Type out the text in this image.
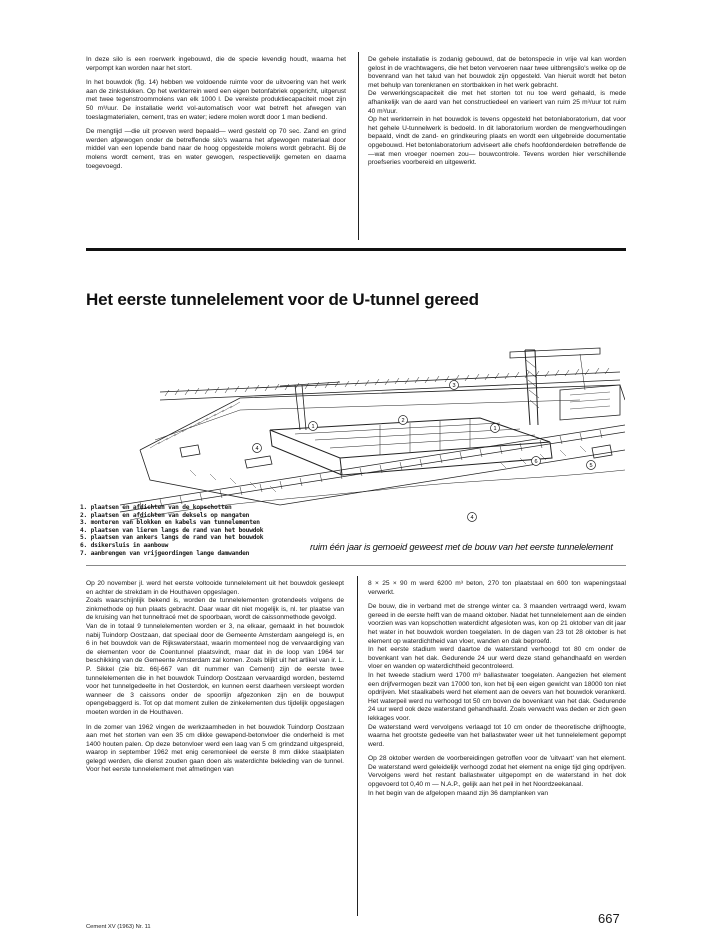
In deze silo is een roerwerk ingebouwd, die de specie levendig houdt, waarna het verpompt kan worden naar het stort.

In het bouwdok (fig. 14) hebben we voldoende ruimte voor de uitvoering van het werk aan de zinkstukken. Op het werkterrein werd een eigen betonfabriek opgericht, uitgerust met twee tegenstroommolens van elk 1000 l. De vereiste produktiecapaciteit moet zijn 50 m³/uur. De installatie werkt vol-automatisch voor wat betreft het afwegen van toeslagmaterialen, cement, tras en water; iedere molen wordt door 1 man bediend.

De mengtijd —die uit proeven werd bepaald— werd gesteld op 70 sec. Zand en grind werden afgewogen onder de betreffende silo's waarna het afgewogen materiaal door middel van een lopende band naar de hoog opgestelde molens wordt gebracht. Bij de molens wordt cement, tras en water gewogen, respectievelijk gemeten en daarna toegevoegd.

De gehele installatie is zodanig gebouwd, dat de betonspecie in vrije val kan worden gelost in de vrachtwagens, die het beton vervoeren naar twee uitbrengsilo's welke op de bovenrand van het talud van het bouwdok zijn opgesteld. Van hieruit wordt het beton met behulp van torenkranen en stortbakken in het werk gebracht.

De verwerkingscapaciteit die met het storten tot nu toe werd gehaald, is mede afhankelijk van de aard van het constructiedeel en varieert van ruim 25 m³/uur tot ruim 40 m³/uur.

Op het werkterrein in het bouwdok is tevens opgesteld het betonlaboratorium, dat voor het gehele U-tunnelwerk is bedoeld. In dit laboratorium worden de mengverhoudingen bepaald, vindt de zand- en grindkeuring plaats en wordt een uitgebreide documentatie opgebouwd. Het betonlaboratorium adviseert alle chefs hoofdonderdelen betreffende de —wat men vroeger noemen zou— bouwcontrole. Tevens worden hier verschillende proefseries voorbereid en uitgewerkt.

Het eerste tunnelelement voor de U-tunnel gereed
3
2
1	1
4
5
6
4
1. plaatsen en afdichten van de kopschotten
2. plaatsen en afdichten van deksels op mangaten
3. monteren van blokken en kabels van tunnelementen
4. plaatsen van lieren langs de rand van het bouwdok
5. plaatsen van ankers langs de rand van het bouwdok
6. dsikersluis in aanbouw
7. aanbrengen van vrijgeordingen lange damwanden
ruim één jaar is gemoeid geweest met de bouw van het eerste tunnelelement

Op 20 november jl. werd het eerste voltooide tunnelelement uit het bouwdok gesleept en achter de strekdam in de Houthaven opgeslagen.

Zoals waarschijnlijk bekend is, worden de tunnelelementen grotendeels volgens de zinkmethode op hun plaats gebracht. Daar waar dit niet mogelijk is, nl. ter plaatse van de kruising van het tunneltracé met de spoorbaan, wordt de caissonmethode gevolgd.

Van de in totaal 9 tunnelelementen worden er 3, na elkaar, gemaakt in het bouwdok nabij Tuindorp Oostzaan, dat speciaal door de Gemeente Amsterdam aangelegd is, en 6 in het bouwdok van de Rijkswaterstaat, waarin momenteel nog de vervaardiging van de elementen voor de Coentunnel plaatsvindt, maar dat in de loop van 1964 ter beschikking van de Gemeente Amsterdam zal komen. Zoals blijkt uit het artikel van ir. L. P. Sikkel (zie blz. 66|-667 van dit nummer van Cement) zijn de eerste twee tunnelelementen die in het bouwdok Tuindorp Oostzaan vervaardigd worden, bestemd voor het tunnelgedeelte in het Oosterdok, en kunnen eerst daarheen versleept worden wanneer de 3 caissons onder de spoorlijn afgezonken zijn en de bouwput opengebaggerd is. Tot op dat moment zullen de zinkelementen dus tijdelijk opgeslagen moeten worden in de Houthaven.

In de zomer van 1962 vingen de werkzaamheden in het bouwdok Tuindorp Oostzaan aan met het storten van een 35 cm dikke gewapend-betonvloer die onderheid is met 1400 houten palen. Op deze betonvloer werd een laag van 5 cm grindzand uitgespreid, waarop in september 1962 met enig ceremonieel de eerste 8 mm dikke staalplaten gelegd werden, die dienst zouden gaan doen als waterdichte bekleding van de tunnel. Voor het eerste tunnelelement met afmetingen van

8 × 25 × 90 m werd 6200 m³ beton, 270 ton plaatstaal en 600 ton wapeningstaal verwerkt.

De bouw, die in verband met de strenge winter ca. 3 maanden vertraagd werd, kwam gereed in de eerste helft van de maand oktober. Nadat het tunnelelement aan de einden voorzien was van kopschotten waterdicht afgesloten was, kon op 21 oktober van dit jaar het water in het bouwdok worden toegelaten. In de dagen van 23 tot 28 oktober is het element op waterdichtheid van vloer, wanden en dak beproefd.

In het eerste stadium werd daartoe de waterstand verhoogd tot 80 cm onder de bovenkant van het dak. Gedurende 24 uur werd deze stand gehandhaafd en werden vloer en wanden op waterdichtheid gecontroleerd.

In het tweede stadium werd 1700 m³ ballastwater toegelaten. Aangezien het element een drijfvermogen bezit van 17000 ton, kon het bij een eigen gewicht van 18000 ton niet opdrijven. Met staalkabels werd het element aan de oevers van het bouwdok verankerd. Het waterpeil werd nu verhoogd tot 50 cm boven de bovenkant van het dak. Gedurende 24 uur werd ook deze waterstand gehandhaafd. Zoals verwacht was deden er zich geen lekkages voor.

De waterstand werd vervolgens verlaagd tot 10 cm onder de theoretische drijfhoogte, waarna het grootste gedeelte van het ballastwater weer uit het tunnelelement gepompt werd.

Op 28 oktober werden de voorbereidingen getroffen voor de 'uitvaart' van het element. De waterstand werd geleidelijk verhoogd zodat het element na enige tijd ging opdrijven. Vervolgens werd het restant ballastwater uitgepompt en de waterstand in het dok opgevoerd tot 0,40 m — N.A.P., gelijk aan het peil in het Noordzeekanaal.

In het begin van de afgelopen maand zijn 36 damplanken van

Cement XV (1963) Nr. 11
667
